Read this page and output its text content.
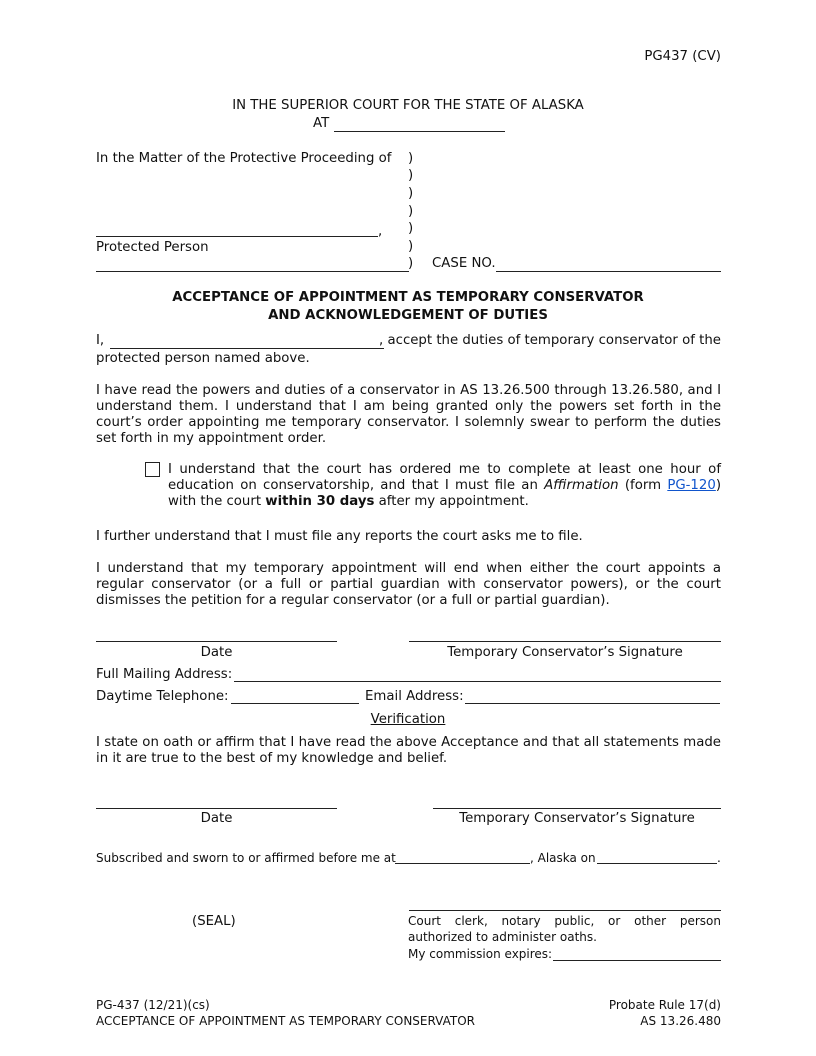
PG437 (CV)
IN THE SUPERIOR COURT FOR THE STATE OF ALASKA
AT
In the Matter of the Protective Proceeding of )
)
)
)
)
)
)
,
Protected Person
CASE NO.
ACCEPTANCE OF APPOINTMENT AS TEMPORARY CONSERVATOR
AND ACKNOWLEDGEMENT OF DUTIES
I,	, accept the duties of temporary conservator of the
protected person named above.
I have read the powers and duties of a conservator in AS 13.26.500 through 13.26.580, and I understand them. I understand that I am being granted only the powers set forth in the court’s order appointing me temporary conservator. I solemnly swear to perform the duties set forth in my appointment order.
I understand that the court has ordered me to complete at least one hour of education on conservatorship, and that I must file an Affirmation (form PG-120) with the court within 30 days after my appointment.
I further understand that I must file any reports the court asks me to file.
I understand that my temporary appointment will end when either the court appoints a regular conservator (or a full or partial guardian with conservator powers), or the court dismisses the petition for a regular conservator (or a full or partial guardian).
Date	Temporary Conservator’s Signature
Full Mailing Address:
Daytime Telephone:	Email Address:
Verification
I state on oath or affirm that I have read the above Acceptance and that all statements made in it are true to the best of my knowledge and belief.
Date	Temporary Conservator’s Signature
Subscribed and sworn to or affirmed before me at	, Alaska on	.
(SEAL)	Court clerk, notary public, or other person authorized to administer oaths.
My commission expires:
PG-437 (12/21)(cs)
ACCEPTANCE OF APPOINTMENT AS TEMPORARY CONSERVATOR
Probate Rule 17(d)
AS 13.26.480
